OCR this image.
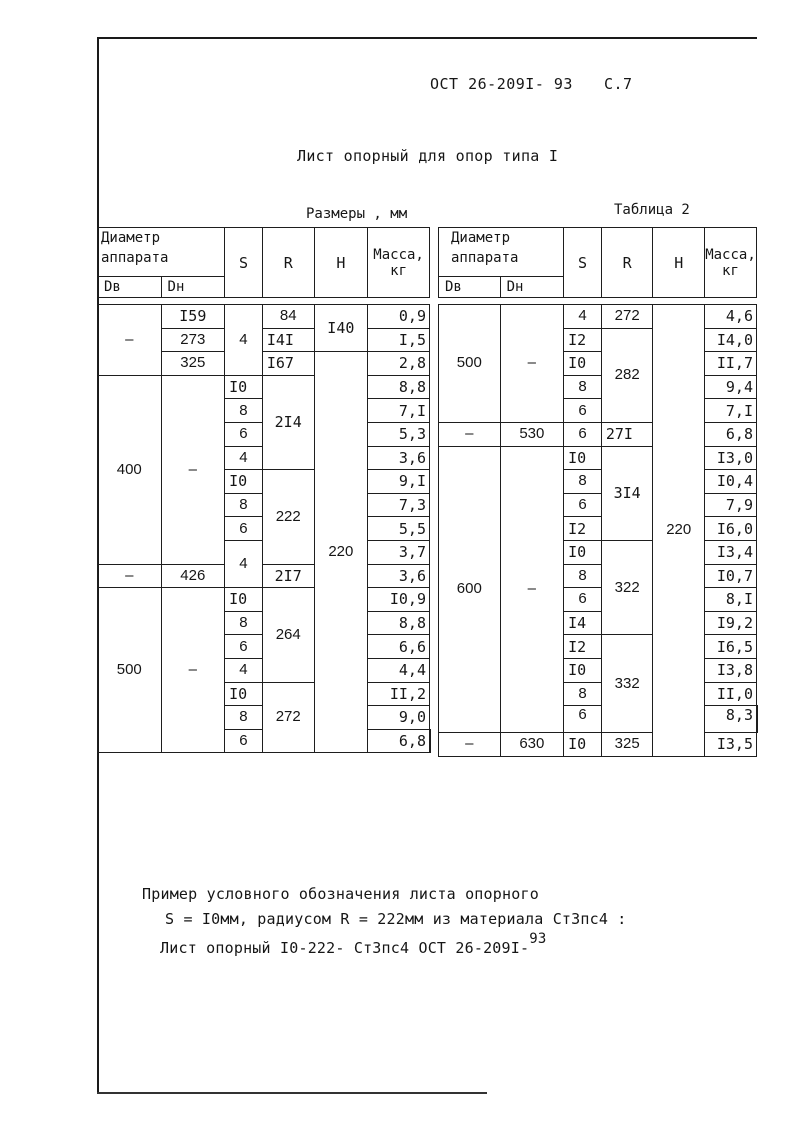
ОСТ 26-209I- 93 С.7
Лист опорный для опор типа I
Размеры , мм	Таблица 2
Диаметр
аппарата		S	R	H	Масса,
кг	
Dв	Dн					

–	I59	4	84	I40	0,9	
	273		I4I		I,5	
	325		I67	220	2,8	
400	–	I0	2I4		8,8	
		8			7,I	
		6			5,3	
		4			3,6	
		I0	222		9,I	
		8			7,3	
		6			5,5	
		4			3,7	
–	426		2I7		3,6	
500	–	I0	264		I0,9	
		8			8,8	
		6			6,6	
		4			4,4	
		I0	272		II,2	
		8			9,0	
		6			6,8	

Диаметр
аппарата		S	R	H	Масса,
кг	
Dв	Dн					

500	–	4	272	220	4,6	
		I2	282		I4,0	
		I0			II,7	
		8			9,4	
		6			7,I	
–	530	6	27I		6,8	
600	–	I0	3I4		I3,0	
		8			I0,4	
		6			7,9	
		I2			I6,0	
		I0	322		I3,4	
		8			I0,7	
		6			8,I	
		I4			I9,2	
		I2	332		I6,5	
		I0			I3,8	
		8			II,0	
		6			8,3	

–	630	I0	325		I3,5	
Пример условного обозначения листа опорного
S = I0мм, радиусом R = 222мм из материала Ст3пс4 :
Лист опорный I0-222- Ст3пс4 ОСТ 26-209I-$^{93}$
